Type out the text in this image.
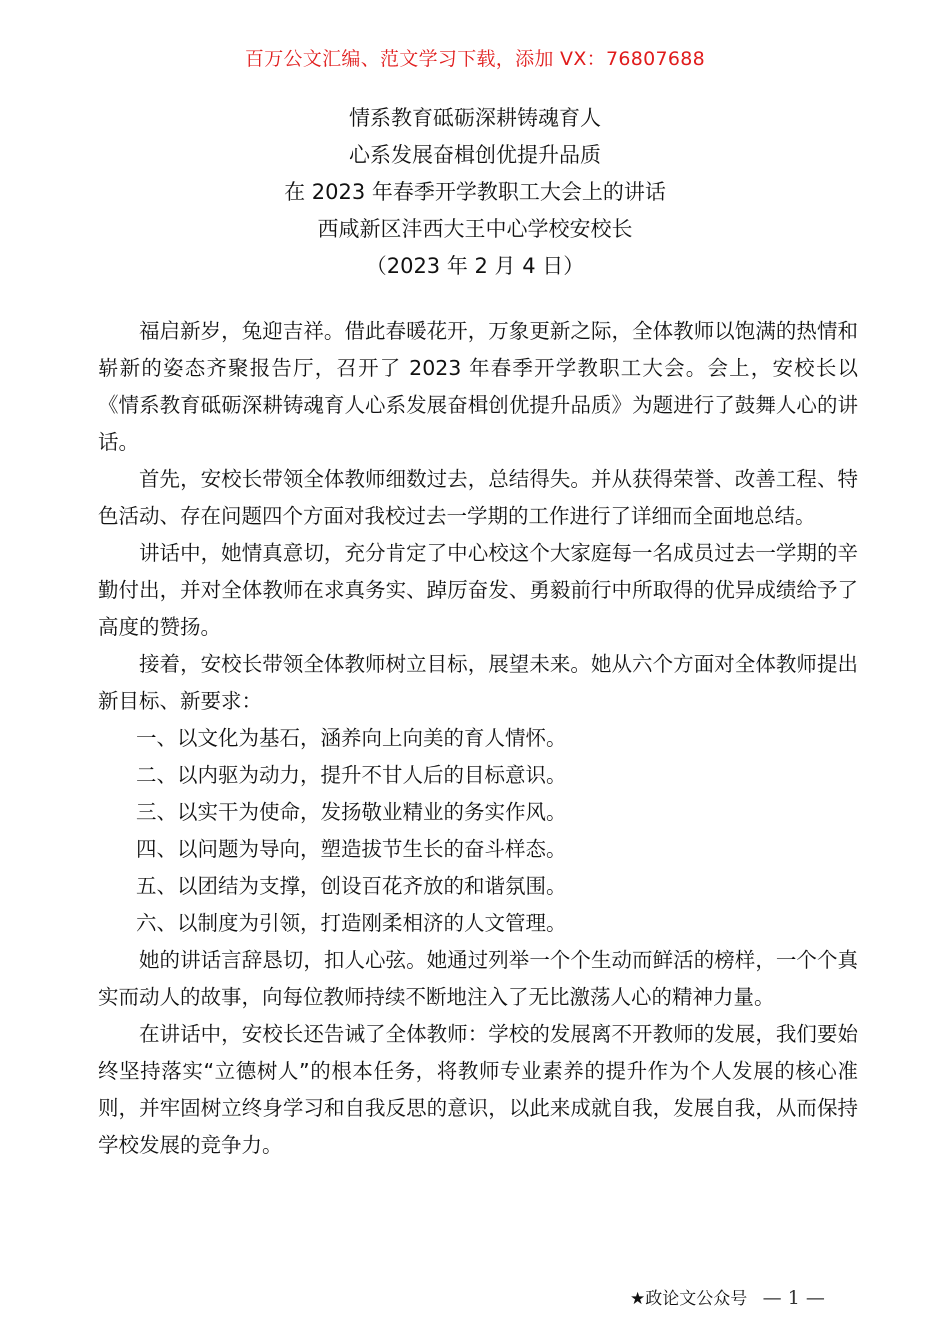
百万公文汇编、范文学习下载，添加 VX：76807688
情系教育砥砺深耕铸魂育人
心系发展奋楫创优提升品质
在 2023 年春季开学教职工大会上的讲话
西咸新区沣西大王中心学校安校长
（2023 年 2 月 4 日）

福启新岁，兔迎吉祥。借此春暖花开，万象更新之际，全体教师以饱满的热情和崭新的姿态齐聚报告厅，召开了 2023 年春季开学教职工大会。会上，安校长以《情系教育砥砺深耕铸魂育人心系发展奋楫创优提升品质》为题进行了鼓舞人心的讲话。

首先，安校长带领全体教师细数过去，总结得失。并从获得荣誉、改善工程、特色活动、存在问题四个方面对我校过去一学期的工作进行了详细而全面地总结。

讲话中，她情真意切，充分肯定了中心校这个大家庭每一名成员过去一学期的辛勤付出，并对全体教师在求真务实、踔厉奋发、勇毅前行中所取得的优异成绩给予了高度的赞扬。

接着，安校长带领全体教师树立目标，展望未来。她从六个方面对全体教师提出新目标、新要求：

一、以文化为基石，涵养向上向美的育人情怀。

二、以内驱为动力，提升不甘人后的目标意识。

三、以实干为使命，发扬敬业精业的务实作风。

四、以问题为导向，塑造拔节生长的奋斗样态。

五、以团结为支撑，创设百花齐放的和谐氛围。

六、以制度为引领，打造刚柔相济的人文管理。

她的讲话言辞恳切，扣人心弦。她通过列举一个个生动而鲜活的榜样，一个个真实而动人的故事，向每位教师持续不断地注入了无比激荡人心的精神力量。

在讲话中，安校长还告诫了全体教师：学校的发展离不开教师的发展，我们要始终坚持落实“立德树人”的根本任务，将教师专业素养的提升作为个人发展的核心准则，并牢固树立终身学习和自我反思的意识，以此来成就自我，发展自我，从而保持学校发展的竞争力。

★政论文公众号 — 1 —
